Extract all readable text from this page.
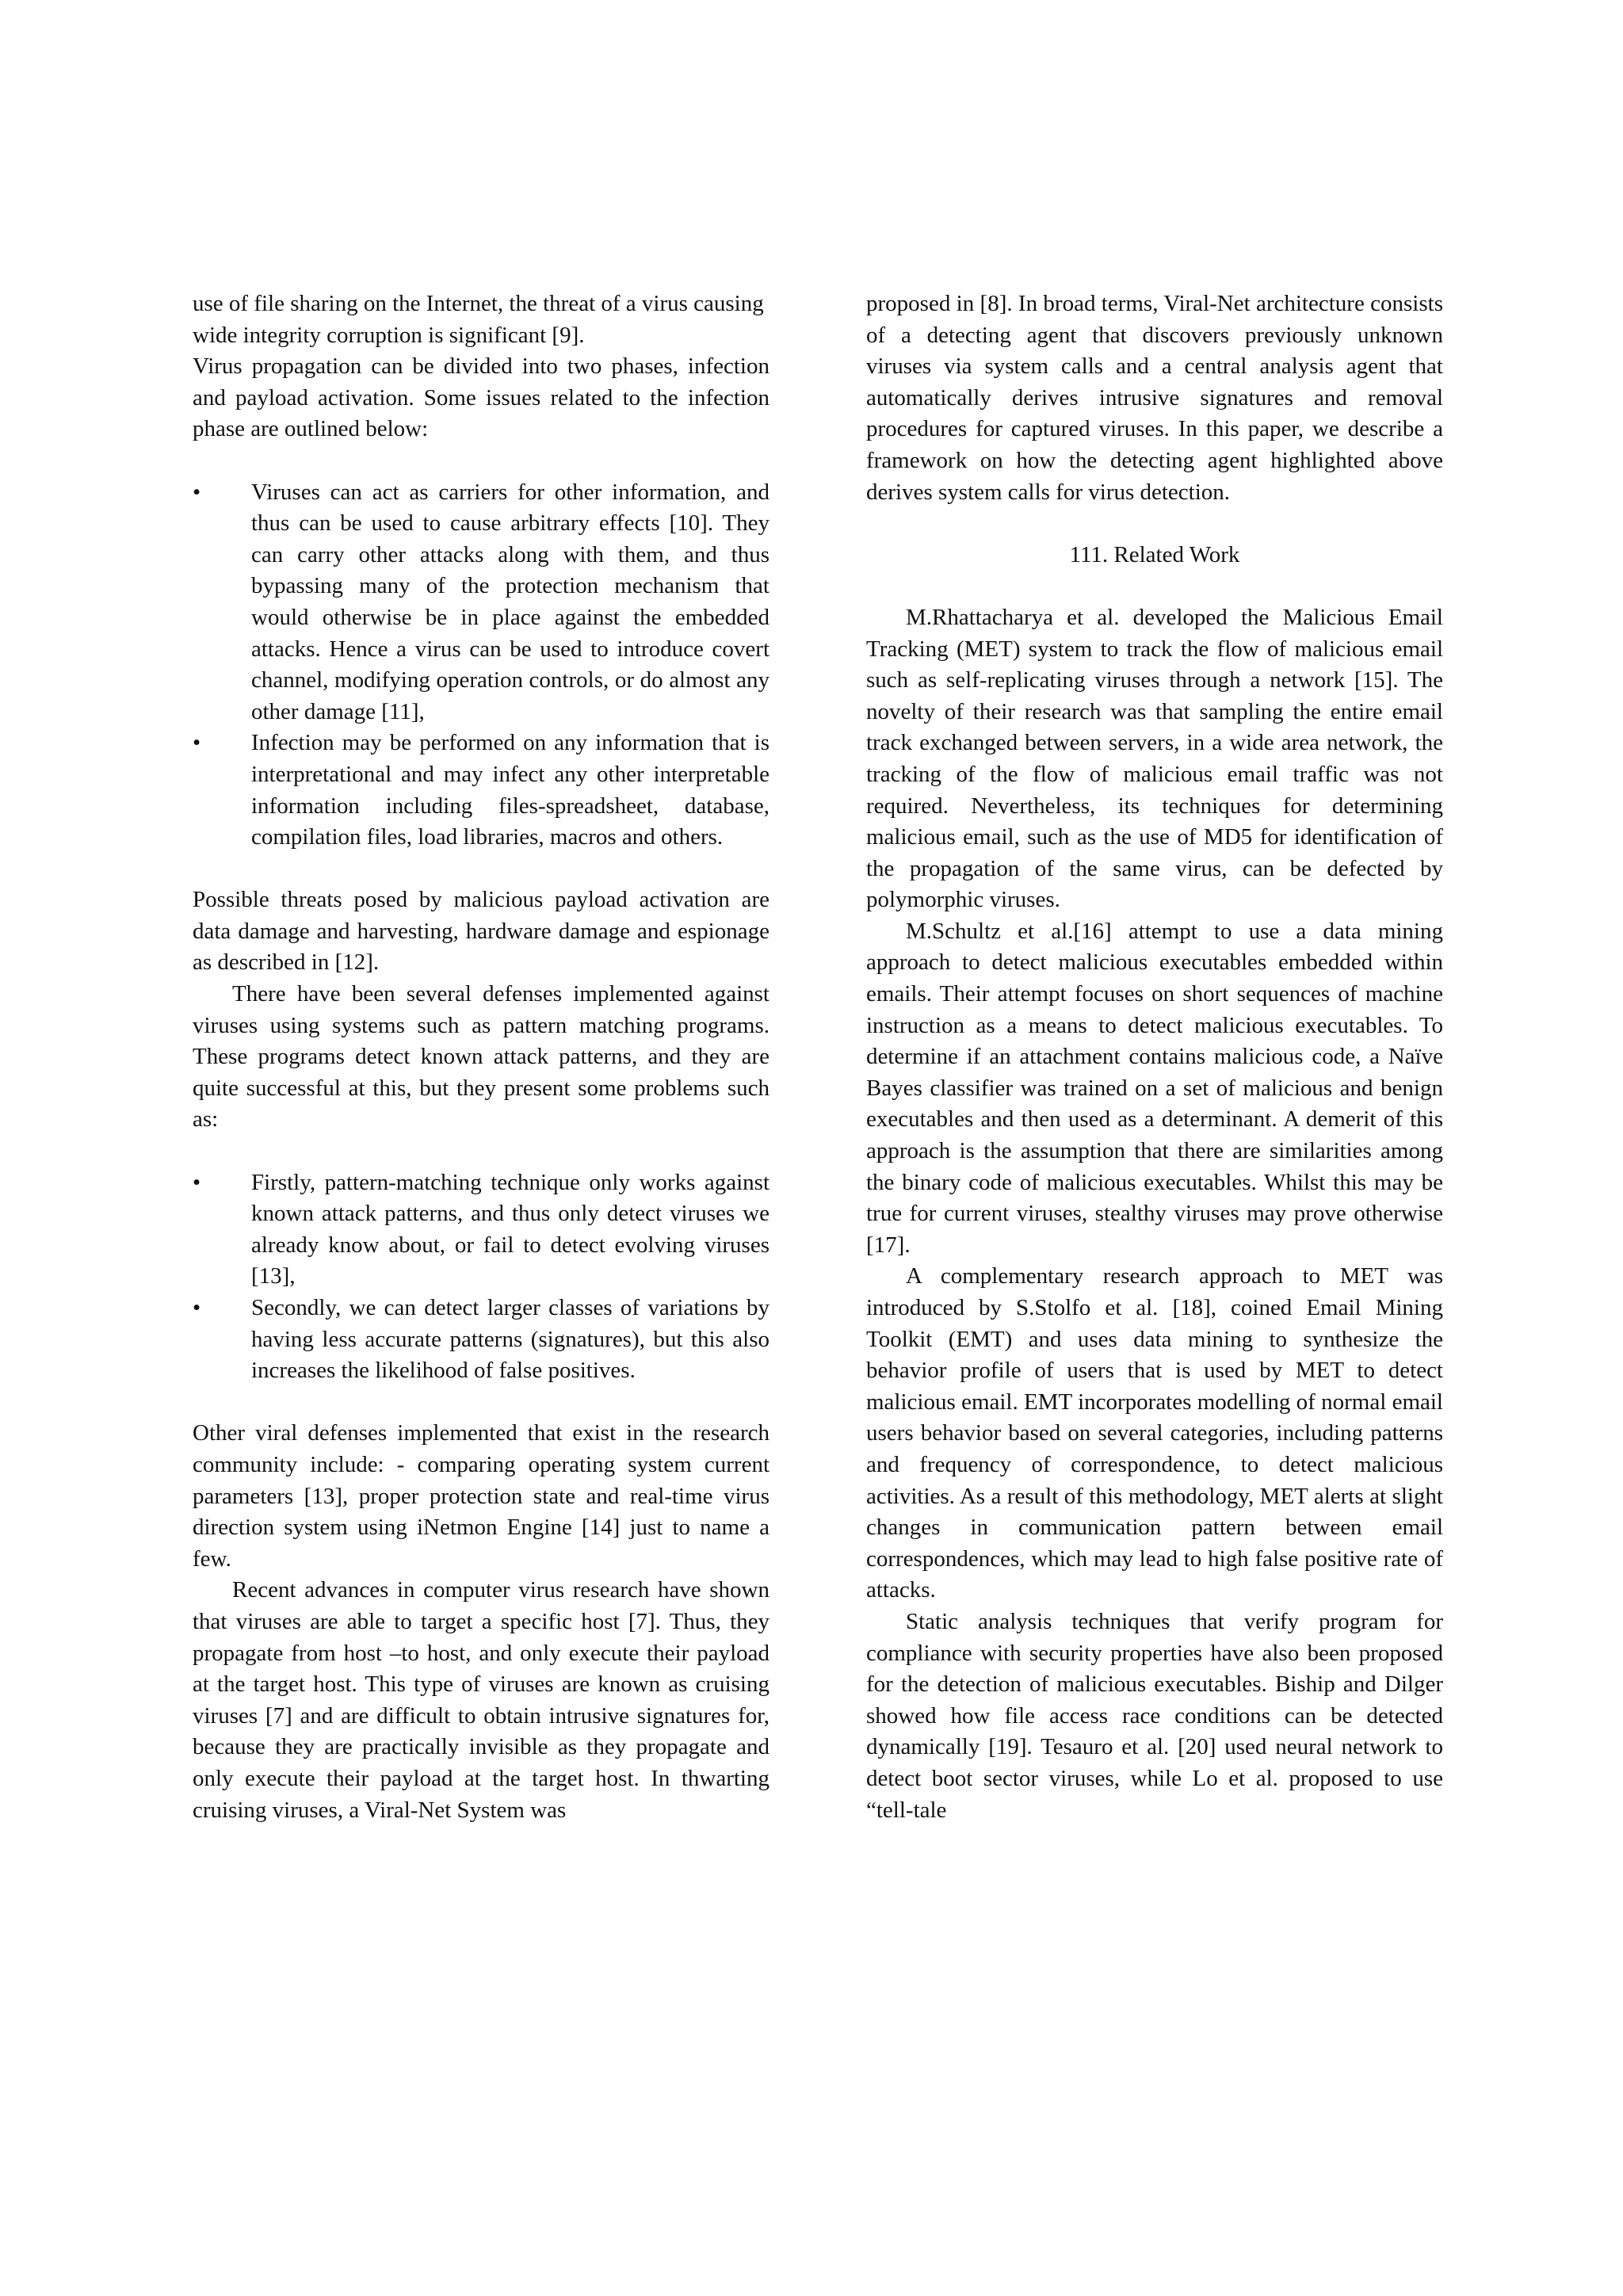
use of file sharing on the Internet, the threat of a virus causing wide integrity corruption is significant [9].

Virus propagation can be divided into two phases, infection and payload activation. Some issues related to the infection phase are outlined below:

• Viruses can act as carriers for other information, and thus can be used to cause arbitrary effects [10]. They can carry other attacks along with them, and thus bypassing many of the protection mechanism that would otherwise be in place against the embedded attacks. Hence a virus can be used to introduce covert channel, modifying operation controls, or do almost any other damage [11],

• Infection may be performed on any information that is interpretational and may infect any other interpretable information including files-spreadsheet, database, compilation files, load libraries, macros and others.

Possible threats posed by malicious payload activation are data damage and harvesting, hardware damage and espionage as described in [12].

There have been several defenses implemented against viruses using systems such as pattern matching programs. These programs detect known attack patterns, and they are quite successful at this, but they present some problems such as:

• Firstly, pattern-matching technique only works against known attack patterns, and thus only detect viruses we already know about, or fail to detect evolving viruses [13],

• Secondly, we can detect larger classes of variations by having less accurate patterns (signatures), but this also increases the likelihood of false positives.

Other viral defenses implemented that exist in the research community include: - comparing operating system current parameters [13], proper protection state and real-time virus direction system using iNetmon Engine [14] just to name a few.

Recent advances in computer virus research have shown that viruses are able to target a specific host [7]. Thus, they propagate from host –to host, and only execute their payload at the target host. This type of viruses are known as cruising viruses [7] and are difficult to obtain intrusive signatures for, because they are practically invisible as they propagate and only execute their payload at the target host. In thwarting cruising viruses, a Viral-Net System was

proposed in [8]. In broad terms, Viral-Net architecture consists of a detecting agent that discovers previously unknown viruses via system calls and a central analysis agent that automatically derives intrusive signatures and removal procedures for captured viruses. In this paper, we describe a framework on how the detecting agent highlighted above derives system calls for virus detection.

111. Related Work

M.Rhattacharya et al. developed the Malicious Email Tracking (MET) system to track the flow of malicious email such as self-replicating viruses through a network [15]. The novelty of their research was that sampling the entire email track exchanged between servers, in a wide area network, the tracking of the flow of malicious email traffic was not required. Nevertheless, its techniques for determining malicious email, such as the use of MD5 for identification of the propagation of the same virus, can be defected by polymorphic viruses.

M.Schultz et al.[16] attempt to use a data mining approach to detect malicious executables embedded within emails. Their attempt focuses on short sequences of machine instruction as a means to detect malicious executables. To determine if an attachment contains malicious code, a Naïve Bayes classifier was trained on a set of malicious and benign executables and then used as a determinant. A demerit of this approach is the assumption that there are similarities among the binary code of malicious executables. Whilst this may be true for current viruses, stealthy viruses may prove otherwise [17].

A complementary research approach to MET was introduced by S.Stolfo et al. [18], coined Email Mining Toolkit (EMT) and uses data mining to synthesize the behavior profile of users that is used by MET to detect malicious email. EMT incorporates modelling of normal email users behavior based on several categories, including patterns and frequency of correspondence, to detect malicious activities. As a result of this methodology, MET alerts at slight changes in communication pattern between email correspondences, which may lead to high false positive rate of attacks.

Static analysis techniques that verify program for compliance with security properties have also been proposed for the detection of malicious executables. Biship and Dilger showed how file access race conditions can be detected dynamically [19]. Tesauro et al. [20] used neural network to detect boot sector viruses, while Lo et al. proposed to use “tell-tale
